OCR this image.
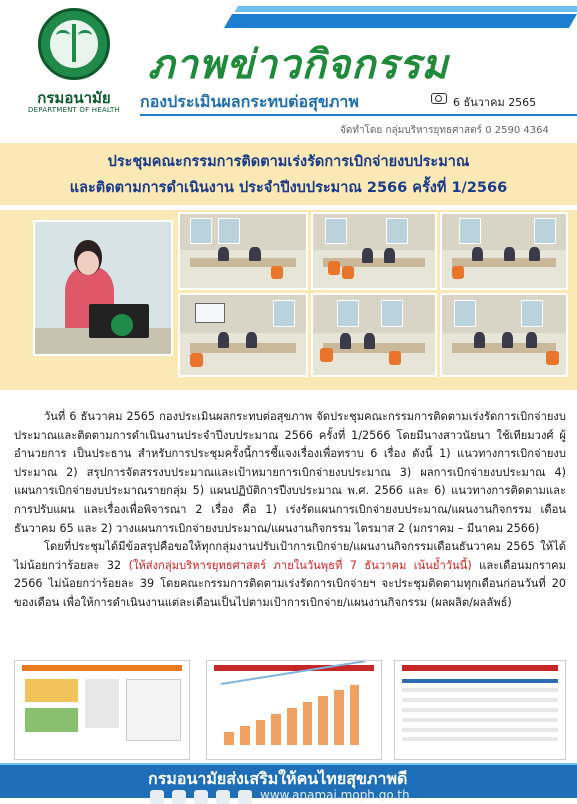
กรมอนามัย
DEPARTMENT OF HEALTH
ภาพข่าวกิจกรรม
กองประเมินผลกระทบต่อสุขภาพ	6 ธันวาคม 2565
จัดทำโดย กลุ่มบริหารยุทธศาสตร์ 0 2590 4364
ประชุมคณะกรรมการติดตามเร่งรัดการเบิกจ่ายงบประมาณ
และติดตามการดำเนินงาน ประจำปีงบประมาณ 2566 ครั้งที่ 1/2566

วันที่ 6 ธันวาคม 2565 กองประเมินผลกระทบต่อสุขภาพ จัดประชุมคณะกรรมการติดตามเร่งรัดการเบิกจ่ายงบประมาณและติดตามการดำเนินงานประจำปีงบประมาณ 2566 ครั้งที่ 1/2566 โดยมีนางสาวนัยนา ใช้เทียมวงศ์ ผู้อำนวยการ เป็นประธาน สำหรับการประชุมครั้งนี้การชี้แจงเรื่องเพื่อทราบ 6 เรื่อง ดังนี้ 1) แนวทางการเบิกจ่ายงบประมาณ 2) สรุปการจัดสรรงบประมาณและเป้าหมายการเบิกจ่ายงบประมาณ 3) ผลการเบิกจ่ายงบประมาณ 4) แผนการเบิกจ่ายงบประมาณรายกลุ่ม 5) แผนปฏิบัติการปีงบประมาณ พ.ศ. 2566 และ 6) แนวทางการติดตามและการปรับแผน และเรื่องเพื่อพิจารณา 2 เรื่อง คือ 1) เร่งรัดแผนการเบิกจ่ายงบประมาณ/แผนงานกิจกรรม เดือนธันวาคม 65 และ 2) วางแผนการเบิกจ่ายงบประมาณ/แผนงานกิจกรรม ไตรมาส 2 (มกราคม – มีนาคม 2566)

โดยที่ประชุมได้มีข้อสรุปคือขอให้ทุกกลุ่มงานปรับเป้าการเบิกจ่าย/แผนงานกิจกรรมเดือนธันวาคม 2565 ให้ได้ไม่น้อยกว่าร้อยละ 32 (ให้ส่งกลุ่มบริหารยุทธศาสตร์ ภายในวันพุธที่ 7 ธันวาคม เน้นย้ำวันนี้) และเดือนมกราคม 2566 ไม่น้อยกว่าร้อยละ 39 โดยคณะกรรมการติดตามเร่งรัดการเบิกจ่ายฯ จะประชุมติดตามทุกเดือนก่อนวันที่ 20 ของเดือน เพื่อให้การดำเนินงานแต่ละเดือนเป็นไปตามเป้าการเบิกจ่าย/แผนงานกิจกรรม (ผลผลิต/ผลลัพธ์)

กรมอนามัยส่งเสริมให้คนไทยสุขภาพดี
www.anamai.moph.go.th
